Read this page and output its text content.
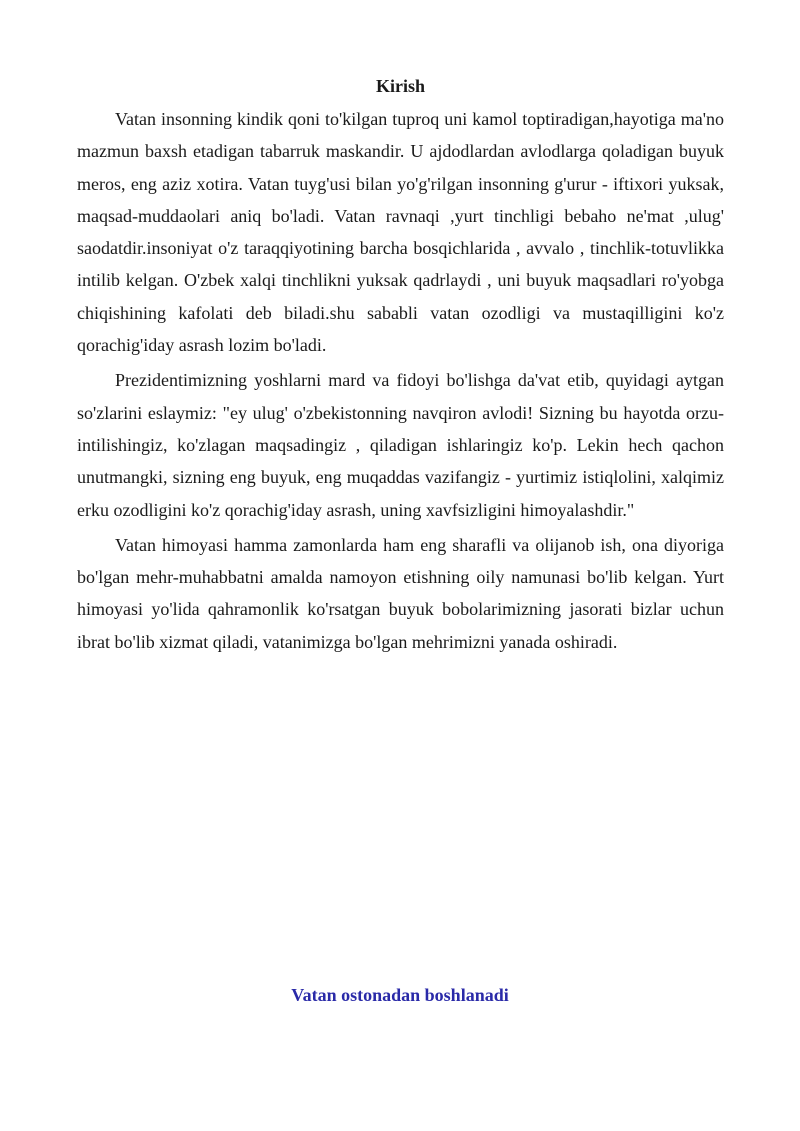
Kirish

Vatan insonning kindik qoni to'kilgan tuproq uni kamol toptiradigan,hayotiga ma'no mazmun baxsh etadigan tabarruk maskandir. U ajdodlardan avlodlarga qoladigan buyuk meros, eng aziz xotira. Vatan tuyg'usi bilan yo'g'rilgan insonning g'urur - iftixori yuksak, maqsad-muddaolari aniq bo'ladi. Vatan ravnaqi ,yurt tinchligi bebaho ne'mat ,ulug' saodatdir.insoniyat o'z taraqqiyotining barcha bosqichlarida , avvalo , tinchlik-totuvlikka intilib kelgan. O'zbek xalqi tinchlikni yuksak qadrlaydi , uni buyuk maqsadlari ro'yobga chiqishining kafolati deb biladi.shu sababli vatan ozodligi va mustaqilligini ko'z qorachig'iday asrash lozim bo'ladi.

Prezidentimizning yoshlarni mard va fidoyi bo'lishga da'vat etib, quyidagi aytgan so'zlarini eslaymiz: "ey ulug' o'zbekistonning navqiron avlodi! Sizning bu hayotda orzu-intilishingiz, ko'zlagan maqsadingiz , qiladigan ishlaringiz ko'p. Lekin hech qachon unutmangki, sizning eng buyuk, eng muqaddas vazifangiz - yurtimiz istiqlolini, xalqimiz erku ozodligini ko'z qorachig'iday asrash, uning xavfsizligini himoyalashdir."

Vatan himoyasi hamma zamonlarda ham eng sharafli va olijanob ish, ona diyoriga bo'lgan mehr-muhabbatni amalda namoyon etishning oily namunasi bo'lib kelgan. Yurt himoyasi yo'lida qahramonlik ko'rsatgan buyuk bobolarimizning jasorati bizlar uchun ibrat bo'lib xizmat qiladi, vatanimizga bo'lgan mehrimizni yanada oshiradi.

Vatan ostonadan boshlanadi
